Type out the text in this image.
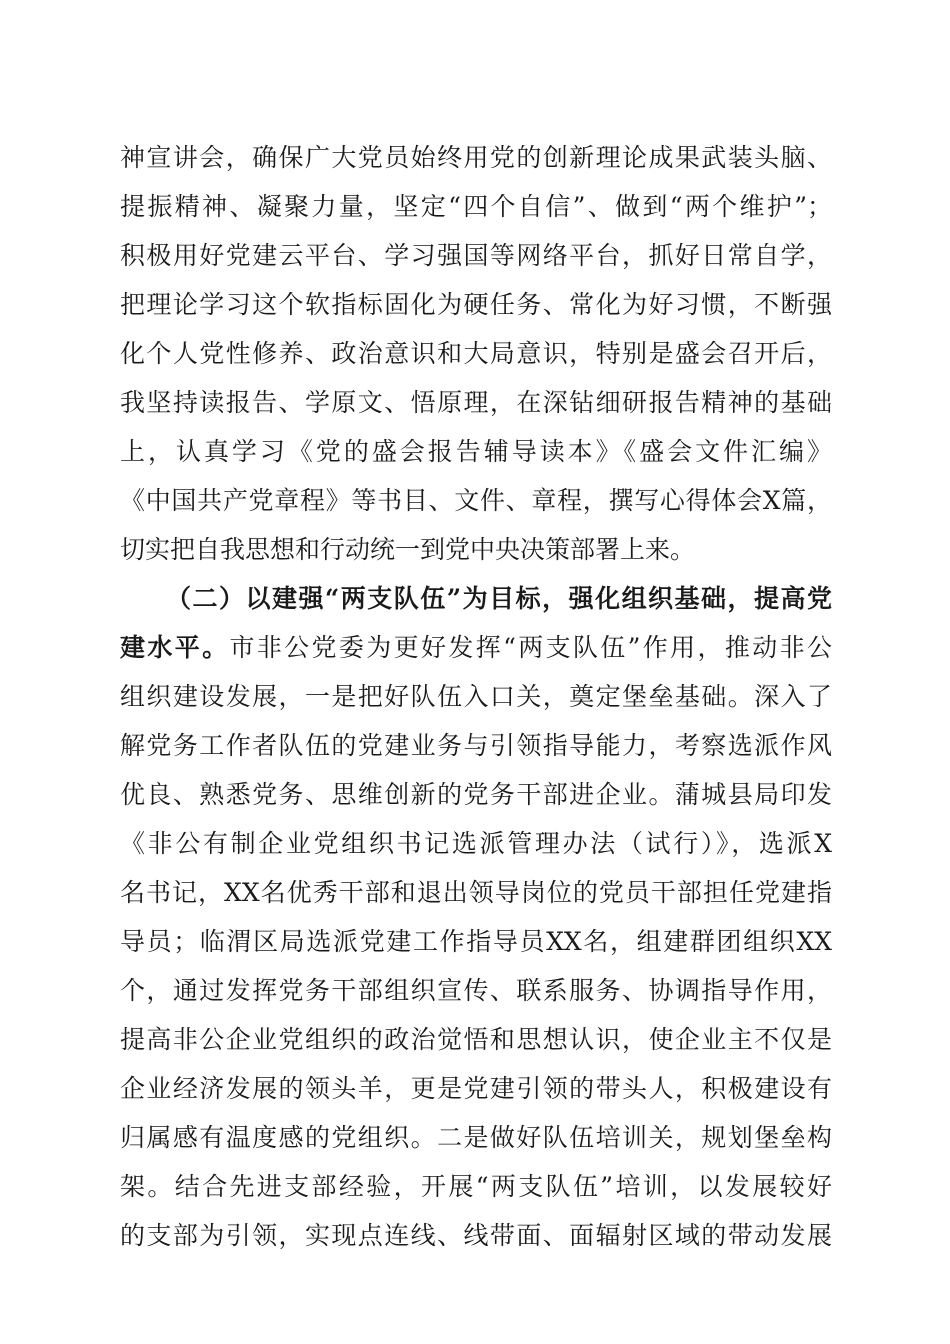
神宣讲会，确保广大党员始终用党的创新理论成果武装头脑、
提振精神、凝聚力量，坚定“四个自信”、做到“两个维护”；
积极用好党建云平台、学习强国等网络平台，抓好日常自学，
把理论学习这个软指标固化为硬任务、常化为好习惯，不断强
化个人党性修养、政治意识和大局意识，特别是盛会召开后，
我坚持读报告、学原文、悟原理，在深钻细研报告精神的基础
上，认真学习《党的盛会报告辅导读本》《盛会文件汇编》
《中国共产党章程》等书目、文件、章程，撰写心得体会X篇，
切实把自我思想和行动统一到党中央决策部署上来。
（二）以建强“两支队伍”为目标，强化组织基础，提高党
建水平。市非公党委为更好发挥“两支队伍”作用，推动非公
组织建设发展，一是把好队伍入口关，奠定堡垒基础。深入了
解党务工作者队伍的党建业务与引领指导能力，考察选派作风
优良、熟悉党务、思维创新的党务干部进企业。蒲城县局印发
《非公有制企业党组织书记选派管理办法（试行）》，选派X
名书记，XX名优秀干部和退出领导岗位的党员干部担任党建指
导员；临渭区局选派党建工作指导员XX名，组建群团组织XX
个，通过发挥党务干部组织宣传、联系服务、协调指导作用，
提高非公企业党组织的政治觉悟和思想认识，使企业主不仅是
企业经济发展的领头羊，更是党建引领的带头人，积极建设有
归属感有温度感的党组织。二是做好队伍培训关，规划堡垒构
架。结合先进支部经验，开展“两支队伍”培训，以发展较好
的支部为引领，实现点连线、线带面、面辐射区域的带动发展
